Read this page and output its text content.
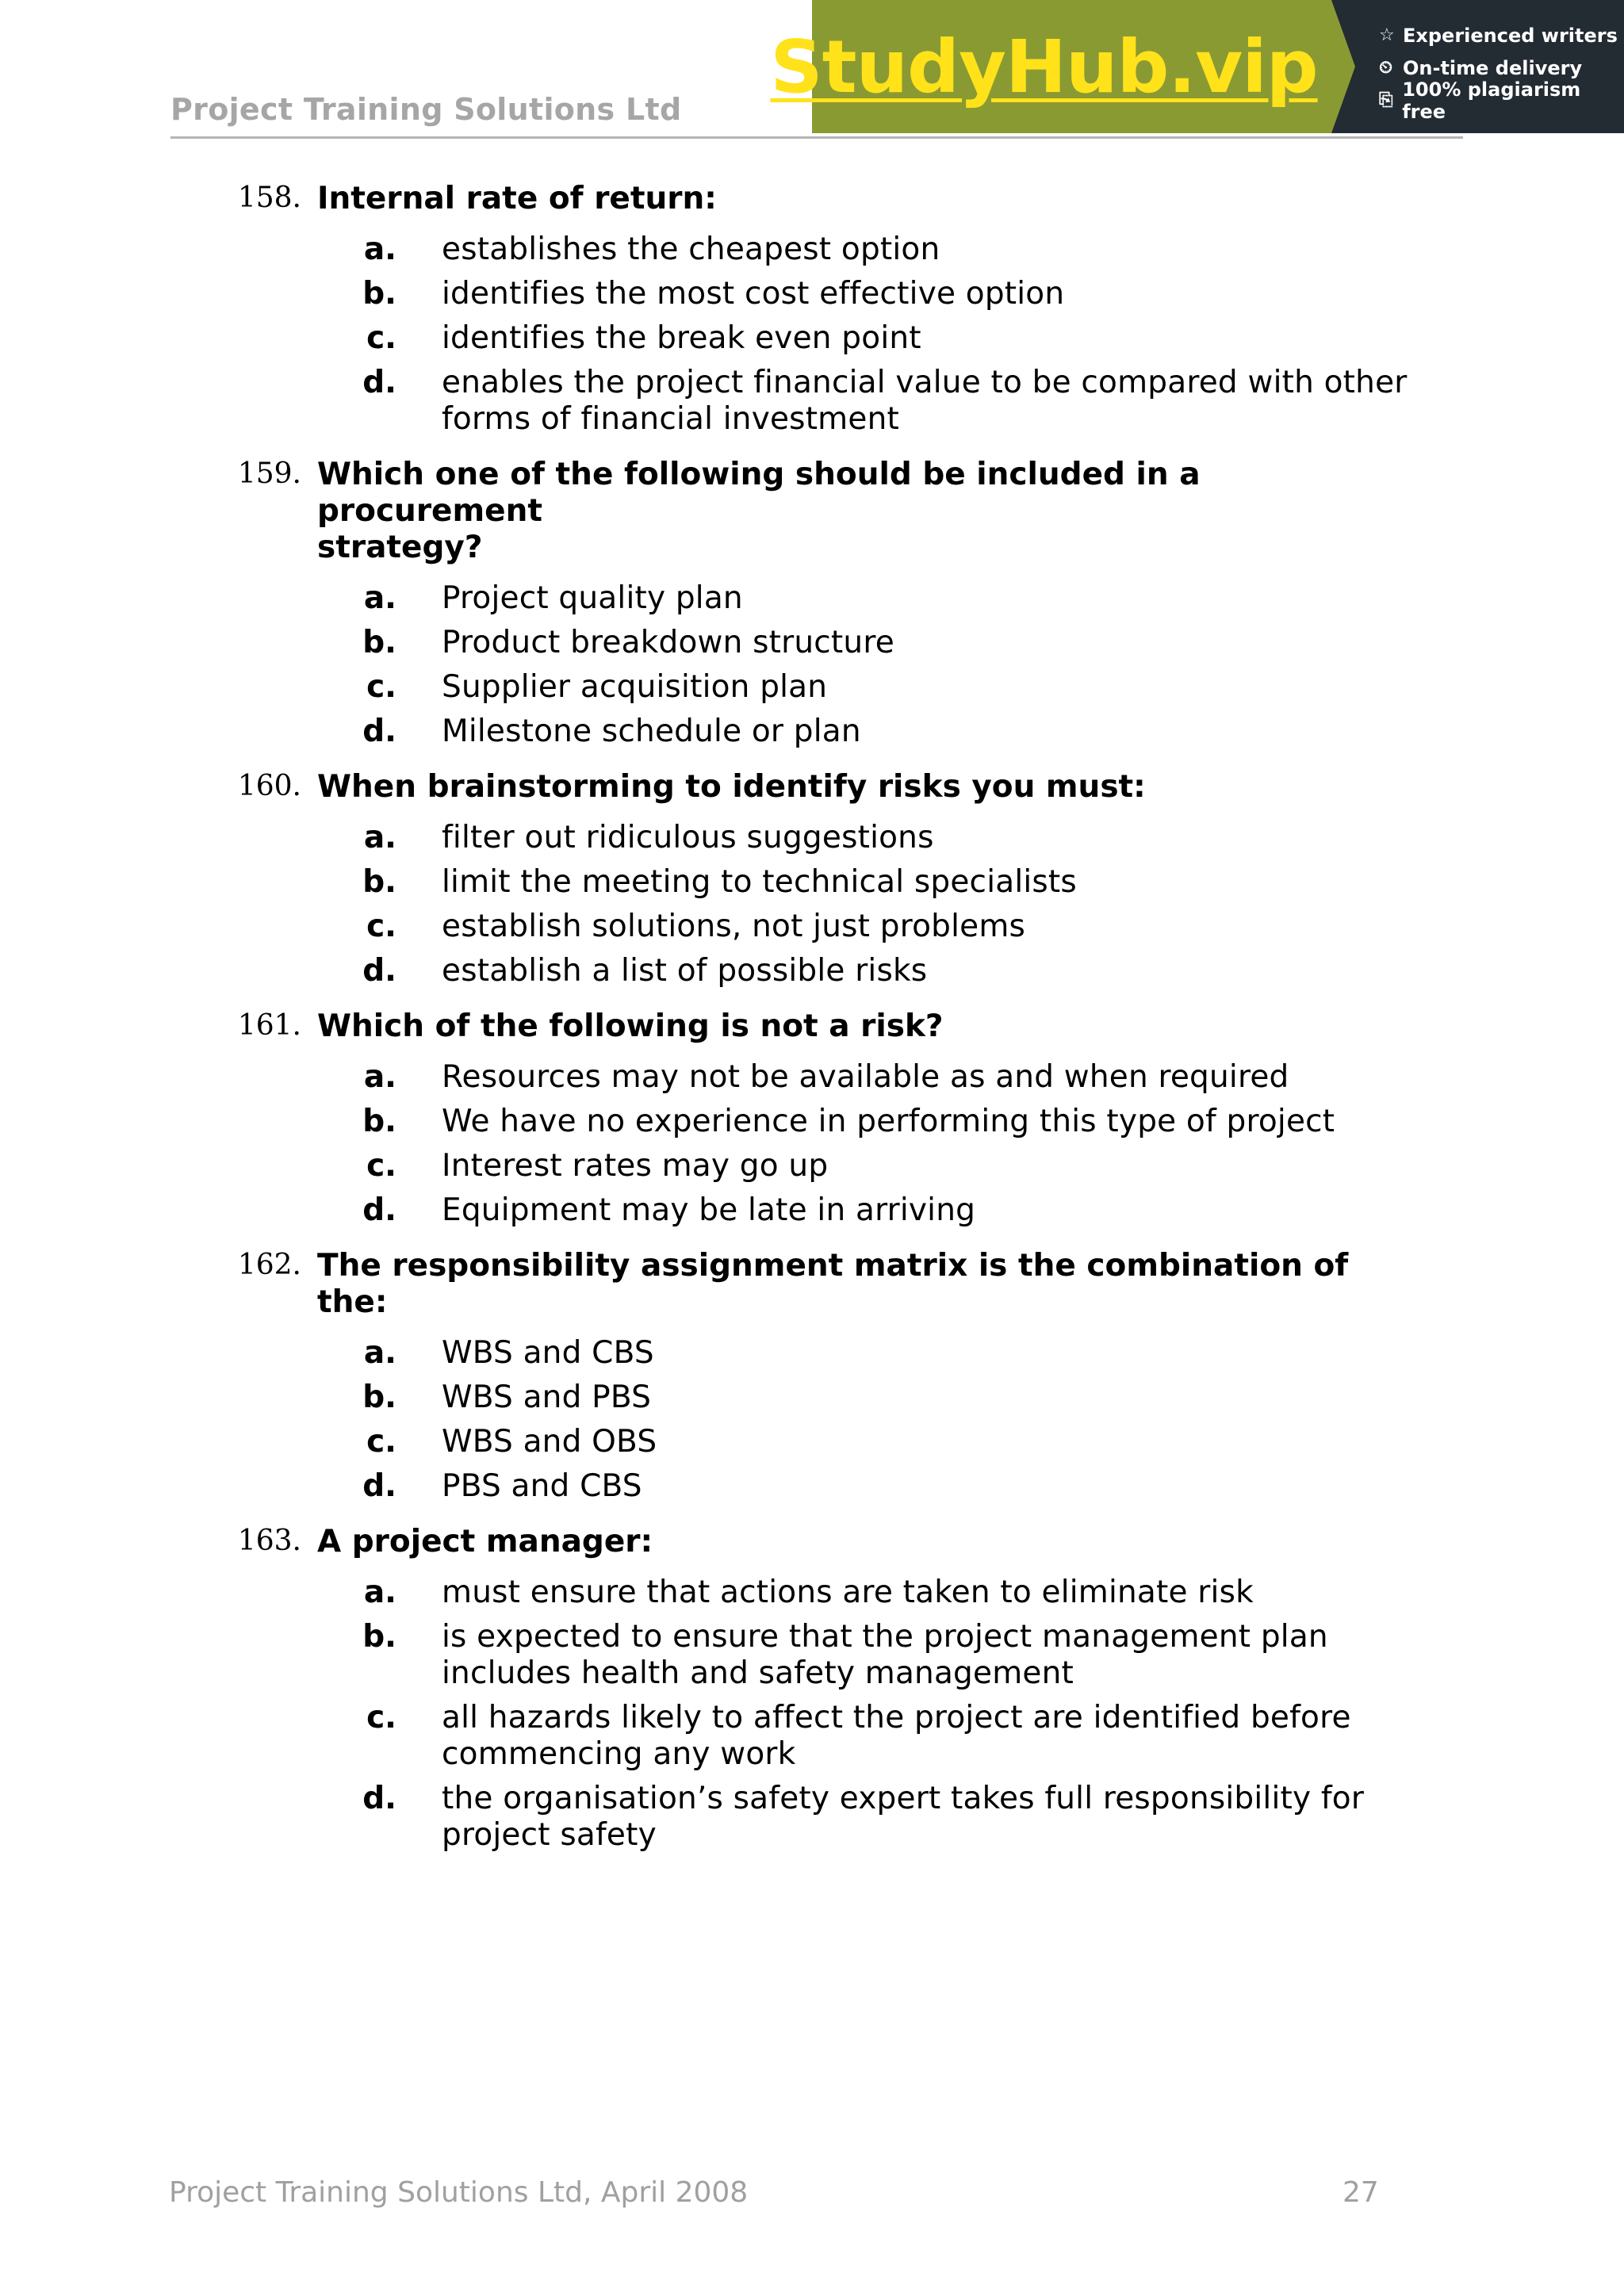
Project Training Solutions Ltd
StudyHub.vip	☆ Experienced writers
⏲ On-time delivery
⎘ 100% plagiarism free
158. Internal rate of return:
a. establishes the cheapest option
b. identifies the most cost effective option
c. identifies the break even point
d. enables the project financial value to be compared with other forms of financial investment
159. Which one of the following should be included in a procurement
strategy?
a. Project quality plan
b. Product breakdown structure
c. Supplier acquisition plan
d. Milestone schedule or plan
160. When brainstorming to identify risks you must:
a. filter out ridiculous suggestions
b. limit the meeting to technical specialists
c. establish solutions, not just problems
d. establish a list of possible risks
161. Which of the following is not a risk?
a. Resources may not be available as and when required
b. We have no experience in performing this type of project
c. Interest rates may go up
d. Equipment may be late in arriving
162. The responsibility assignment matrix is the combination of the:
a. WBS and CBS
b. WBS and PBS
c. WBS and OBS
d. PBS and CBS
163. A project manager:
a. must ensure that actions are taken to eliminate risk
b. is expected to ensure that the project management plan includes health and safety management
c. all hazards likely to affect the project are identified before commencing any work
d. the organisation’s safety expert takes full responsibility for project safety
Project Training Solutions Ltd, April 2008	27
